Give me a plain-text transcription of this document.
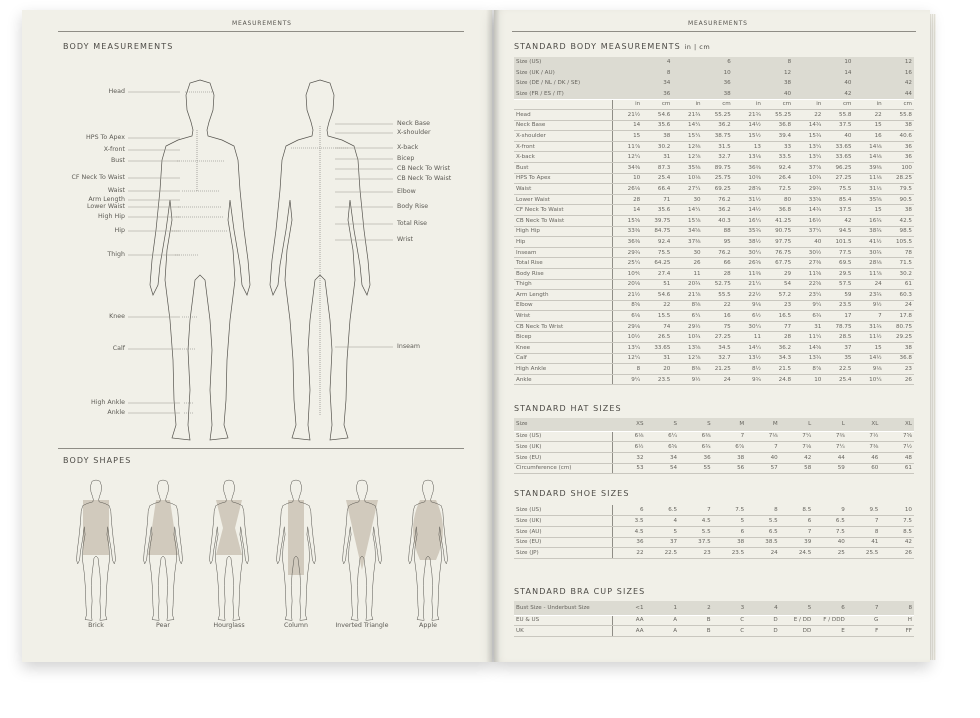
MEASUREMENTS
BODY MEASUREMENTS
Head
HPS To Apex
X-front
Bust
CF Neck To Waist
Waist
Arm Length
Lower Waist
High Hip
Hip
Thigh
Knee
Calf
High Ankle
Ankle
Neck Base
X-shoulder
X-back
Bicep
CB Neck To Wrist
CB Neck To Waist
Elbow
Body Rise
Total Rise
Wrist
Inseam
BODY SHAPES
Brick	Pear	Hourglass	Column	Inverted Triangle	Apple
MEASUREMENTS
STANDARD BODY MEASUREMENTS in | cm
Size (US)	4		6		8		10		12	
Size (UK / AU)	8		10		12		14		16	
Size (DE / NL / DK / SE)	34		36		38		40		42	
Size (FR / ES / IT)	36		38		40		42		44	
	in	cm	in	cm	in	cm	in	cm	in	cm
Head	21½	54.6	21¾	55.25	21¾	55.25	22	55.8	22	55.8
Neck Base	14	35.6	14¼	36.2	14½	36.8	14¾	37.5	15	38
X-shoulder	15	38	15¼	38.75	15½	39.4	15¾	40	16	40.6
X-front	11⅞	30.2	12⅜	31.5	13	33	13¼	33.65	14⅛	36
X-back	12¼	31	12⅞	32.7	13⅛	33.5	13¼	33.65	14⅛	36
Bust	34⅜	87.3	35⅜	89.75	36⅜	92.4	37⅞	96.25	39⅜	100
HPS To Apex	10	25.4	10⅛	25.75	10⅜	26.4	10¾	27.25	11⅛	28.25
Waist	26⅛	66.4	27¼	69.25	28⅝	72.5	29¾	75.5	31⅓	79.5
Lower Waist	28	71	30	76.2	31½	80	33⅝	85.4	35⅝	90.5
CF Neck To Waist	14	35.6	14¼	36.2	14½	36.8	14¾	37.5	15	38
CB Neck To Waist	15⅝	39.75	15⅞	40.3	16¼	41.25	16½	42	16¾	42.5
High Hip	33⅜	84.75	34⅝	88	35¾	90.75	37¼	94.5	38¾	98.5
Hip	36⅜	92.4	37⅜	95	38½	97.75	40	101.5	41½	105.5
Inseam	29¾	75.5	30	76.2	30¼	76.75	30½	77.5	30¾	78
Total Rise	25¼	64.25	26	66	26⅝	67.75	27⅜	69.5	28⅛	71.5
Body Rise	10⅘	27.4	11	28	11⅜	29	11⅝	29.5	11⅞	30.2
Thigh	20⅛	51	20¾	52.75	21¼	54	22⅝	57.5	24	61
Arm Length	21½	54.6	21⅞	55.5	22½	57.2	23¼	59	23¾	60.3
Elbow	8⅝	22	8⅝	22	9⅛	23	9¼	23.5	9½	24
Wrist	6⅛	15.5	6¼	16	6½	16.5	6¾	17	7	17.8
CB Neck To Wrist	29⅛	74	29½	75	30¼	77	31	78.75	31¾	80.75
Bicep	10½	26.5	10¾	27.25	11	28	11¼	28.5	11½	29.25
Knee	13¼	33.65	13⅝	34.5	14¼	36.2	14⅝	37	15	38
Calf	12¼	31	12⅞	32.7	13½	34.3	13¾	35	14½	36.8
High Ankle	8	20	8⅜	21.25	8½	21.5	8⅞	22.5	9⅛	23
Ankle	9¼	23.5	9½	24	9¾	24.8	10	25.4	10¼	26
STANDARD HAT SIZES
Size	XS	S	S	M	M	L	L	XL	XL
Size (US)	6⅛	6¼	6⅜	7	7⅛	7¼	7⅜	7½	7⅝
Size (UK)	6½	6⅝	6¾	6⅞	7	7⅛	7¼	7⅜	7½
Size (EU)	32	34	36	38	40	42	44	46	48
Circumference (cm)	53	54	55	56	57	58	59	60	61
STANDARD SHOE SIZES
Size (US)	6	6.5	7	7.5	8	8.5	9	9.5	10
Size (UK)	3.5	4	4.5	5	5.5	6	6.5	7	7.5
Size (AU)	4.5	5	5.5	6	6.5	7	7.5	8	8.5
Size (EU)	36	37	37.5	38	38.5	39	40	41	42
Size (JP)	22	22.5	23	23.5	24	24.5	25	25.5	26
STANDARD BRA CUP SIZES
Bust Size - Underbust Size	<1	1	2	3	4	5	6	7	8
EU & US	AA	A	B	C	D	E / DD	F / DDD	G	H
UK	AA	A	B	C	D	DD	E	F	FF
